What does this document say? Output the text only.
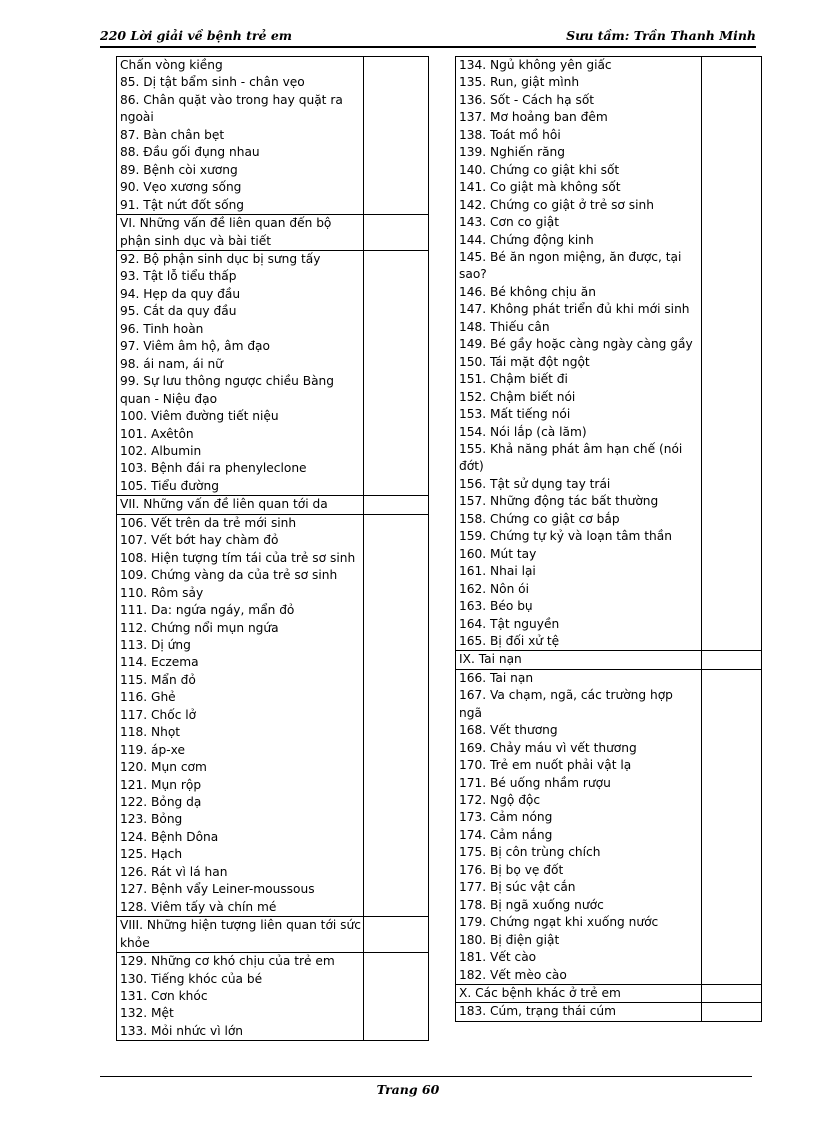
220 Lời giải về bệnh trẻ em	Sưu tầm: Trần Thanh Minh
Chấn vòng kiềng
85. Dị tật bẩm sinh - chân vẹo
86. Chân quặt vào trong hay quặt ra ngoài
87. Bàn chân bẹt
88. Đầu gối đụng nhau
89. Bệnh còi xương
90. Vẹo xương sống
91. Tật nứt đốt sống
VI. Những vấn đề liên quan đến bộ phận sinh dục và bài tiết
92. Bộ phận sinh dục bị sưng tấy
93. Tật lỗ tiểu thấp
94. Hẹp da quy đầu
95. Cắt da quy đầu
96. Tinh hoàn
97. Viêm âm hộ, âm đạo
98. ái nam, ái nữ
99. Sự lưu thông ngược chiều Bàng quan - Niệu đạo
100. Viêm đường tiết niệu
101. Axêtôn
102. Albumin
103. Bệnh đái ra phenyleclone
105. Tiểu đường
VII. Những vấn đề liên quan tới da
106. Vết trên da trẻ mới sinh
107. Vết bớt hay chàm đỏ
108. Hiện tượng tím tái của trẻ sơ sinh
109. Chứng vàng da của trẻ sơ sinh
110. Rôm sảy
111. Da: ngứa ngáy, mẩn đỏ
112. Chứng nổi mụn ngứa
113. Dị ứng
114. Eczema
115. Mẩn đỏ
116. Ghẻ
117. Chốc lở
118. Nhọt
119. áp-xe
120. Mụn cơm
121. Mụn rộp
122. Bỏng dạ
123. Bỏng
124. Bệnh Dôna
125. Hạch
126. Rát vì lá han
127. Bệnh vẩy Leiner-moussous
128. Viêm tấy và chín mé
VIII. Những hiện tượng liên quan tới sức khỏe
129. Những cơ khó chịu của trẻ em
130. Tiếng khóc của bé
131. Cơn khóc
132. Mệt
133. Mỏi nhức vì lớn
134. Ngủ không yên giấc
135. Run, giật mình
136. Sốt - Cách hạ sốt
137. Mơ hoảng ban đêm
138. Toát mồ hôi
139. Nghiến răng
140. Chứng co giật khi sốt
141. Co giật mà không sốt
142. Chứng co giật ở trẻ sơ sinh
143. Cơn co giật
144. Chứng động kinh
145. Bé ăn ngon miệng, ăn được, tại sao?
146. Bé không chịu ăn
147. Không phát triển đủ khi mới sinh
148. Thiếu cân
149. Bé gầy hoặc càng ngày càng gầy
150. Tái mặt đột ngột
151. Chậm biết đi
152. Chậm biết nói
153. Mất tiếng nói
154. Nói lắp (cà lăm)
155. Khả năng phát âm hạn chế (nói đớt)
156. Tật sử dụng tay trái
157. Những động tác bất thường
158. Chứng co giật cơ bắp
159. Chứng tự kỷ và loạn tâm thần
160. Mút tay
161. Nhai lại
162. Nôn ói
163. Béo bụ
164. Tật nguyền
165. Bị đối xử tệ
IX. Tai nạn
166. Tai nạn
167. Va chạm, ngã, các trường hợp ngã
168. Vết thương
169. Chảy máu vì vết thương
170. Trẻ em nuốt phải vật lạ
171. Bé uống nhầm rượu
172. Ngộ độc
173. Cảm nóng
174. Cảm nắng
175. Bị côn trùng chích
176. Bị bọ vẹ đốt
177. Bị súc vật cắn
178. Bị ngã xuống nước
179. Chứng ngạt khi xuống nước
180. Bị điện giật
181. Vết cào
182. Vết mèo cào
X. Các bệnh khác ở trẻ em
183. Cúm, trạng thái cúm
Trang 60
